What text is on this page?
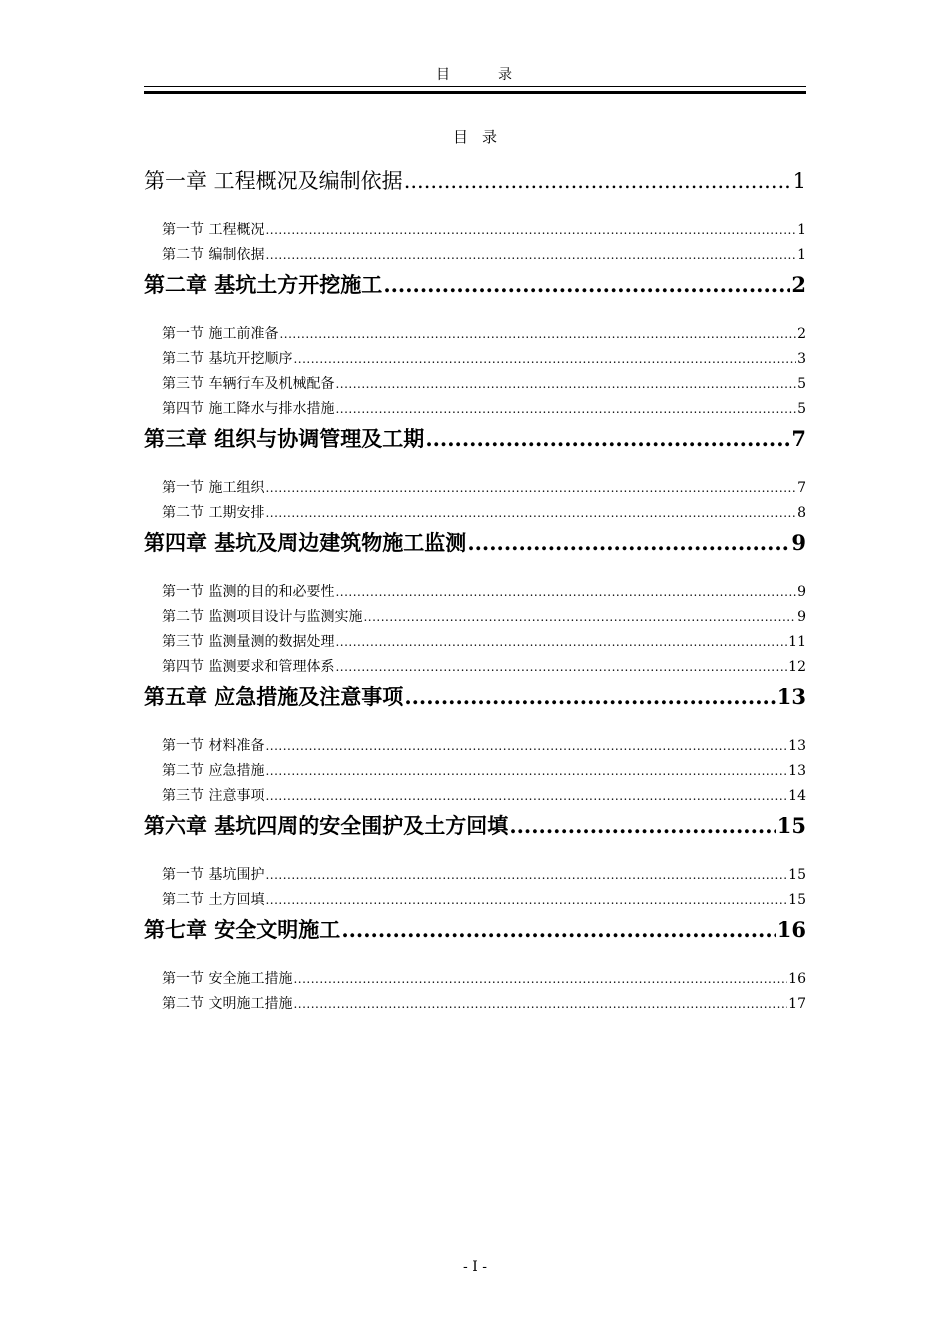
目	录
目 录
第一章 工程概况及编制依据 .....	1
第一节 工程概况 .....	1
第二节 编制依据 .....	1
第二章 基坑土方开挖施工 .....	2
第一节 施工前准备 .....	2
第二节 基坑开挖顺序 .....	3
第三节 车辆行车及机械配备 .....	5
第四节 施工降水与排水措施 .....	5
第三章 组织与协调管理及工期 .....	7
第一节 施工组织 .....	7
第二节 工期安排 .....	8
第四章 基坑及周边建筑物施工监测 .....	9
第一节 监测的目的和必要性 .....	9
第二节 监测项目设计与监测实施 .....	9
第三节 监测量测的数据处理 .....	11
第四节 监测要求和管理体系 .....	12
第五章 应急措施及注意事项 .....	13
第一节 材料准备 .....	13
第二节 应急措施 .....	13
第三节 注意事项 .....	14
第六章 基坑四周的安全围护及土方回填 .....	15
第一节 基坑围护 .....	15
第二节 土方回填 .....	15
第七章 安全文明施工 .....	16
第一节 安全施工措施 .....	16
第二节 文明施工措施 .....	17
- I -
